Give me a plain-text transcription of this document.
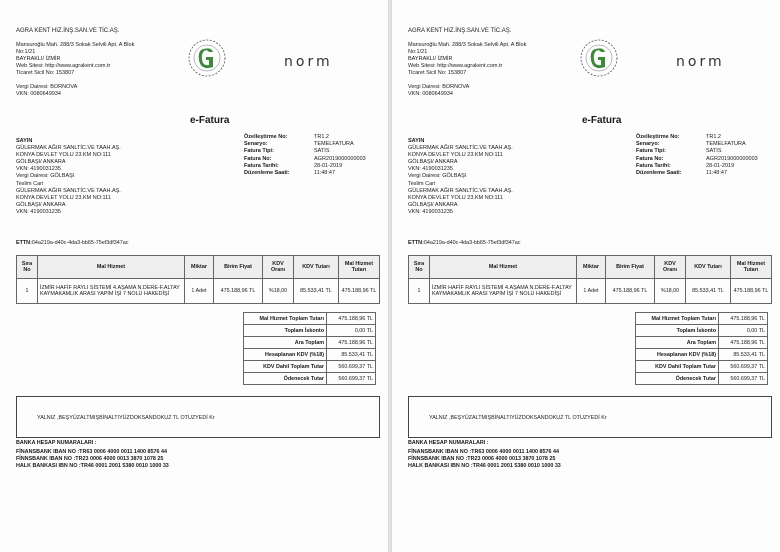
AGRA KENT HIZ.İNŞ.SAN.VE TİC.AŞ.
Mansuroğlu Mah. 288/3 Sokak Selvili Apt. A Blok
No:1/21
BAYRAKLI/ İZMİR
Web Sitesi: http://www.agrakent.com.tr
Ticaret Sicil No: 153807
Vergi Dairesi: BORNOVA
VKN: 0080649934
norm
e-Fatura
SAYIN
GÜLERMAK AĞIR SANLTİC.VE TAAH.AŞ.
KONYA DEVLET YOLU 23.KM NO:111
GÖLBAŞI/ ANKARA
VKN: 4190031235
Vergi Dairesi: GÖLBAŞI
Teslim Cari
GÜLERMAK AĞIR SANLTİC.VE TAAH.AŞ.
KONYA DEVLET YOLU 23.KM NO:111
GÖLBAŞI/ ANKARA
VKN: 4190031235
Özelleştirme No:	TR1.2
Senaryo:	TEMELFATURA
Fatura Tipi:	SATIS
Fatura No:	AGR2019000000003
Fatura Tarihi:	28-01-2019
Düzenleme Saati:	11:48:47
ETTN:04a219a-d40c-4da3-bb65-75ef3df347ac
Sıra No	Mal Hizmet	Miktar	Birim Fiyat	KDV Oranı	KDV Tutarı	Mal Hizmet Tutarı
1	İZMİR HAFİF RAYLI SİSTEMİ 4.AŞAMA N.DERE-F.ALTAY KAYMAKAMLIK ARASI YAPIM İŞİ 7 NOLU HAKEDİŞİ	1 Adet	475.188,96 TL	%18,00	85.533,41 TL	475.188,96 TL
Mal Hizmet Toplam Tutarı	475.188,96 TL
Toplam İskonto	0,00 TL
Ara Toplam	475.188,96 TL
Hesaplanan KDV (%18)	85.533,41 TL
KDV Dahil Toplam Tutar	560.699,37 TL
Ödenecek Tutar	560.699,37 TL
YALNIZ ,BEŞYÜZALTMIŞBİNALTIYÜZDOKSANDOKUZ TL OTUZYEDİ Kr
BANKA HESAP NUMARALARI :
FİNANSBANK IBAN NO :TR63 0006 4000 0011 1400 8576 44
FİNNSBANK IBAN NO :TR23 0006 4000 0013 3870 1078 25
HALK BANKASI IBN NO :TR46 0001 2001 5380 0010 1000 33
AGRA KENT HIZ.İNŞ.SAN.VE TİC.AŞ.
Mansuroğlu Mah. 288/3 Sokak Selvili Apt. A Blok
No:1/21
BAYRAKLI/ İZMİR
Web Sitesi: http://www.agrakent.com.tr
Ticaret Sicil No: 153807
Vergi Dairesi: BORNOVA
VKN: 0080649934
norm
e-Fatura
SAYIN
GÜLERMAK AĞIR SANLTİC.VE TAAH.AŞ.
KONYA DEVLET YOLU 23.KM NO:111
GÖLBAŞI/ ANKARA
VKN: 4190031235
Vergi Dairesi: GÖLBAŞI
Teslim Cari
GÜLERMAK AĞIR SANLTİC.VE TAAH.AŞ.
KONYA DEVLET YOLU 23.KM NO:111
GÖLBAŞI/ ANKARA
VKN: 4190031235
Özelleştirme No:	TR1.2
Senaryo:	TEMELFATURA
Fatura Tipi:	SATIS
Fatura No:	AGR2019000000003
Fatura Tarihi:	28-01-2019
Düzenleme Saati:	11:48:47
ETTN:04a219a-d40c-4da3-bb65-75ef3df347ac
Sıra No	Mal Hizmet	Miktar	Birim Fiyat	KDV Oranı	KDV Tutarı	Mal Hizmet Tutarı
1	İZMİR HAFİF RAYLI SİSTEMİ 4.AŞAMA N.DERE-F.ALTAY KAYMAKAMLIK ARASI YAPIM İŞİ 7 NOLU HAKEDİŞİ	1 Adet	475.188,96 TL	%18,00	85.533,41 TL	475.188,96 TL
Mal Hizmet Toplam Tutarı	475.188,96 TL
Toplam İskonto	0,00 TL
Ara Toplam	475.188,96 TL
Hesaplanan KDV (%18)	85.533,41 TL
KDV Dahil Toplam Tutar	560.699,37 TL
Ödenecek Tutar	560.699,37 TL
YALNIZ ,BEŞYÜZALTMIŞBİNALTIYÜZDOKSANDOKUZ TL OTUZYEDİ Kr
BANKA HESAP NUMARALARI :
FİNANSBANK IBAN NO :TR63 0006 4000 0011 1400 8576 44
FİNNSBANK IBAN NO :TR23 0006 4000 0013 3870 1078 25
HALK BANKASI IBN NO :TR46 0001 2001 5380 0010 1000 33
